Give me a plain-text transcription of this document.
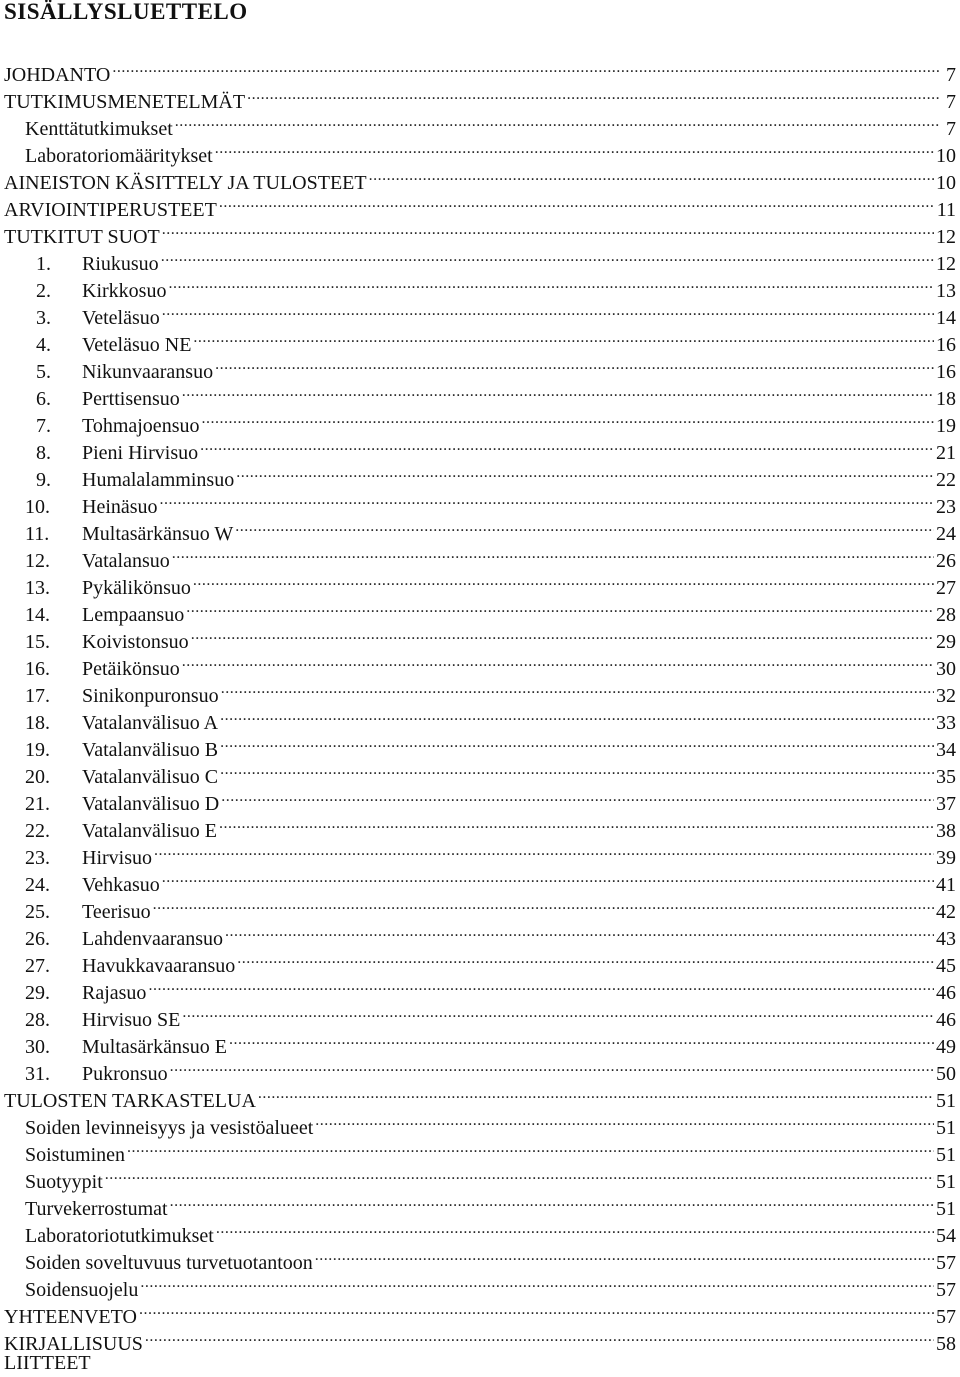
SISÄLLYSLUETTELO
JOHDANTO .....	7
TUTKIMUSMENETELMÄT .....	7
Kenttätutkimukset .....	7
Laboratoriomääritykset .....	10
AINEISTON KÄSITTELY JA TULOSTEET .....	10
ARVIOINTIPERUSTEET .....	11
TUTKITUT SUOT .....	12
1.	Riukusuo .....	12
2.	Kirkkosuo .....	13
3.	Veteläsuo .....	14
4.	Veteläsuo NE .....	16
5.	Nikunvaaransuo .....	16
6.	Perttisensuo .....	18
7.	Tohmajoensuo .....	19
8.	Pieni Hirvisuo .....	21
9.	Humalalamminsuo .....	22
10.	Heinäsuo .....	23
11.	Multasärkänsuo W .....	24
12.	Vatalansuo .....	26
13.	Pykälikönsuo .....	27
14.	Lempaansuo .....	28
15.	Koivistonsuo .....	29
16.	Petäikönsuo .....	30
17.	Sinikonpuronsuo .....	32
18.	Vatalanvälisuo A .....	33
19.	Vatalanvälisuo B .....	34
20.	Vatalanvälisuo C .....	35
21.	Vatalanvälisuo D .....	37
22.	Vatalanvälisuo E .....	38
23.	Hirvisuo .....	39
24.	Vehkasuo .....	41
25.	Teerisuo .....	42
26.	Lahdenvaaransuo .....	43
27.	Havukkavaaransuo .....	45
29.	Rajasuo .....	46
28.	Hirvisuo SE .....	46
30.	Multasärkänsuo E .....	49
31.	Pukronsuo .....	50
TULOSTEN TARKASTELUA .....	51
Soiden levinneisyys ja vesistöalueet .....	51
Soistuminen .....	51
Suotyypit .....	51
Turvekerrostumat .....	51
Laboratoriotutkimukset .....	54
Soiden soveltuvuus turvetuotantoon .....	57
Soidensuojelu .....	57
YHTEENVETO .....	57
KIRJALLISUUS .....	58
LIITTEET
